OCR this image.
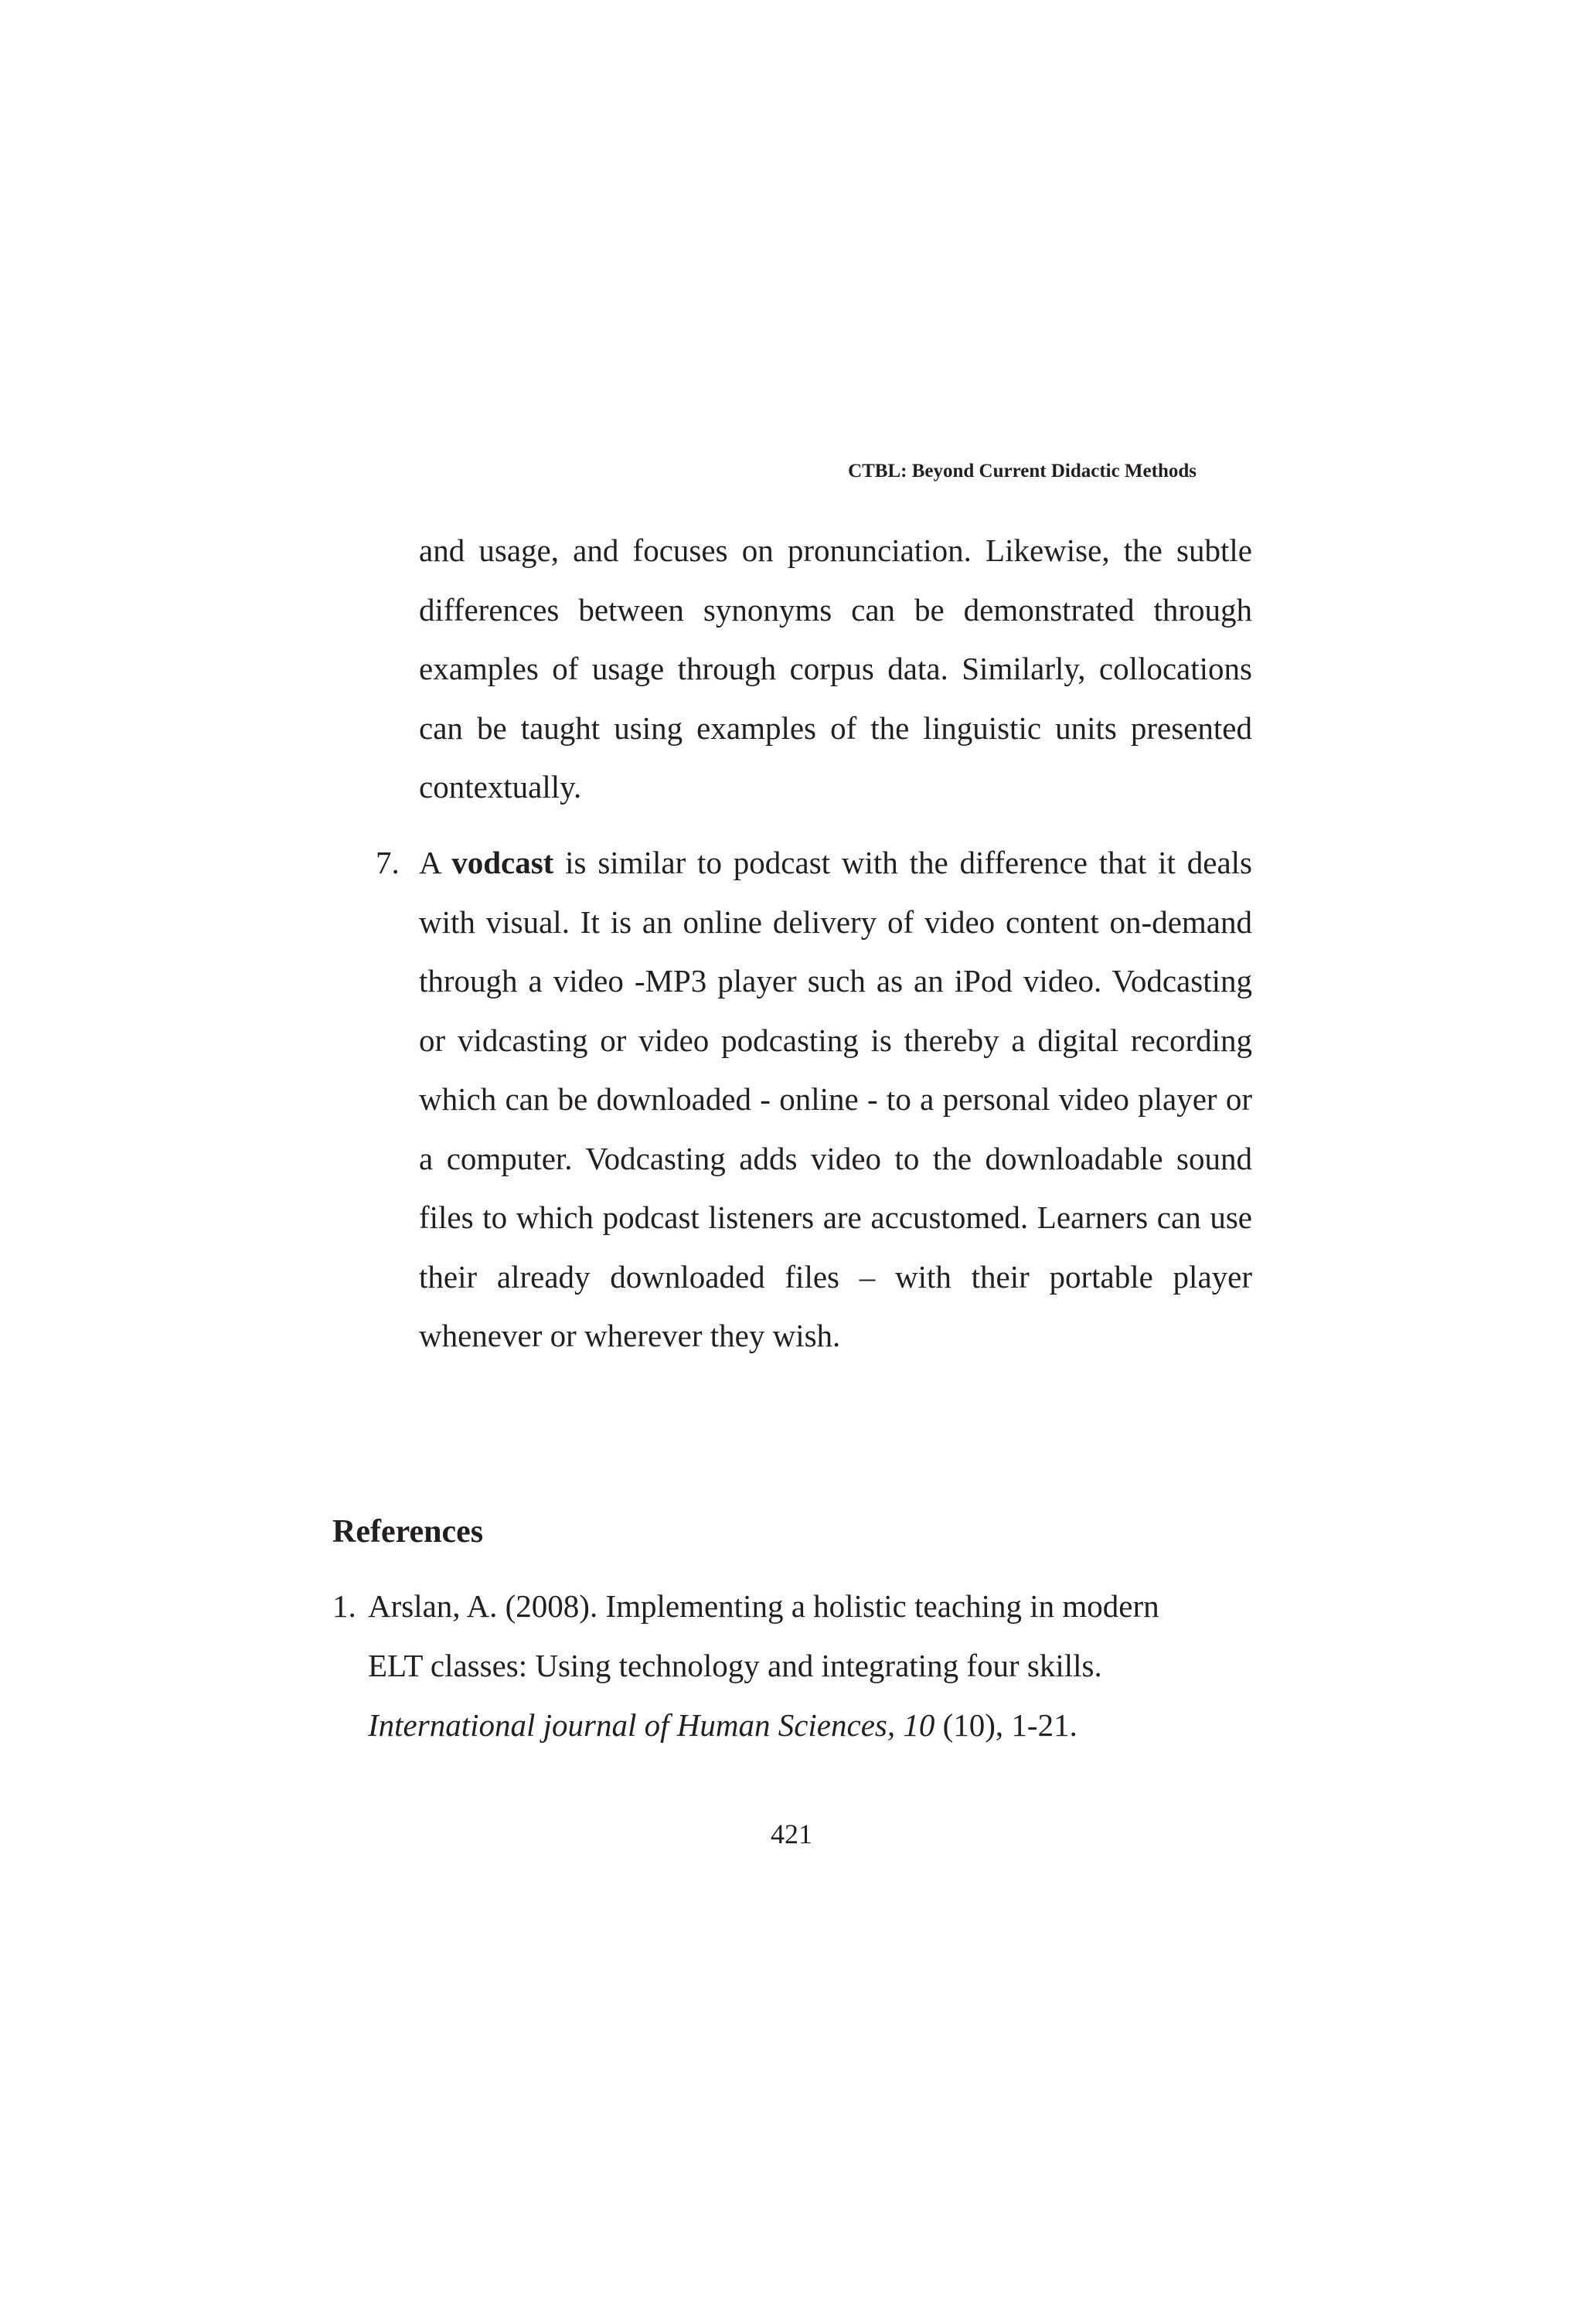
CTBL: Beyond Current Didactic Methods
and usage, and focuses on pronunciation. Likewise, the subtle differences between synonyms can be demonstrated through examples of usage through corpus data. Similarly, collocations can be taught using examples of the linguistic units presented contextually.
7. A vodcast is similar to podcast with the difference that it deals with visual. It is an online delivery of video content on-demand through a video -MP3 player such as an iPod video. Vodcasting or vidcasting or video podcasting is thereby a digital recording which can be downloaded - online - to a personal video player or a computer. Vodcasting adds video to the downloadable sound files to which podcast listeners are accustomed. Learners can use their already downloaded files – with their portable player whenever or wherever they wish.
References
1. Arslan, A. (2008). Implementing a holistic teaching in modern
ELT classes: Using technology and integrating four skills.
International journal of Human Sciences, 10 (10), 1-21.
421
